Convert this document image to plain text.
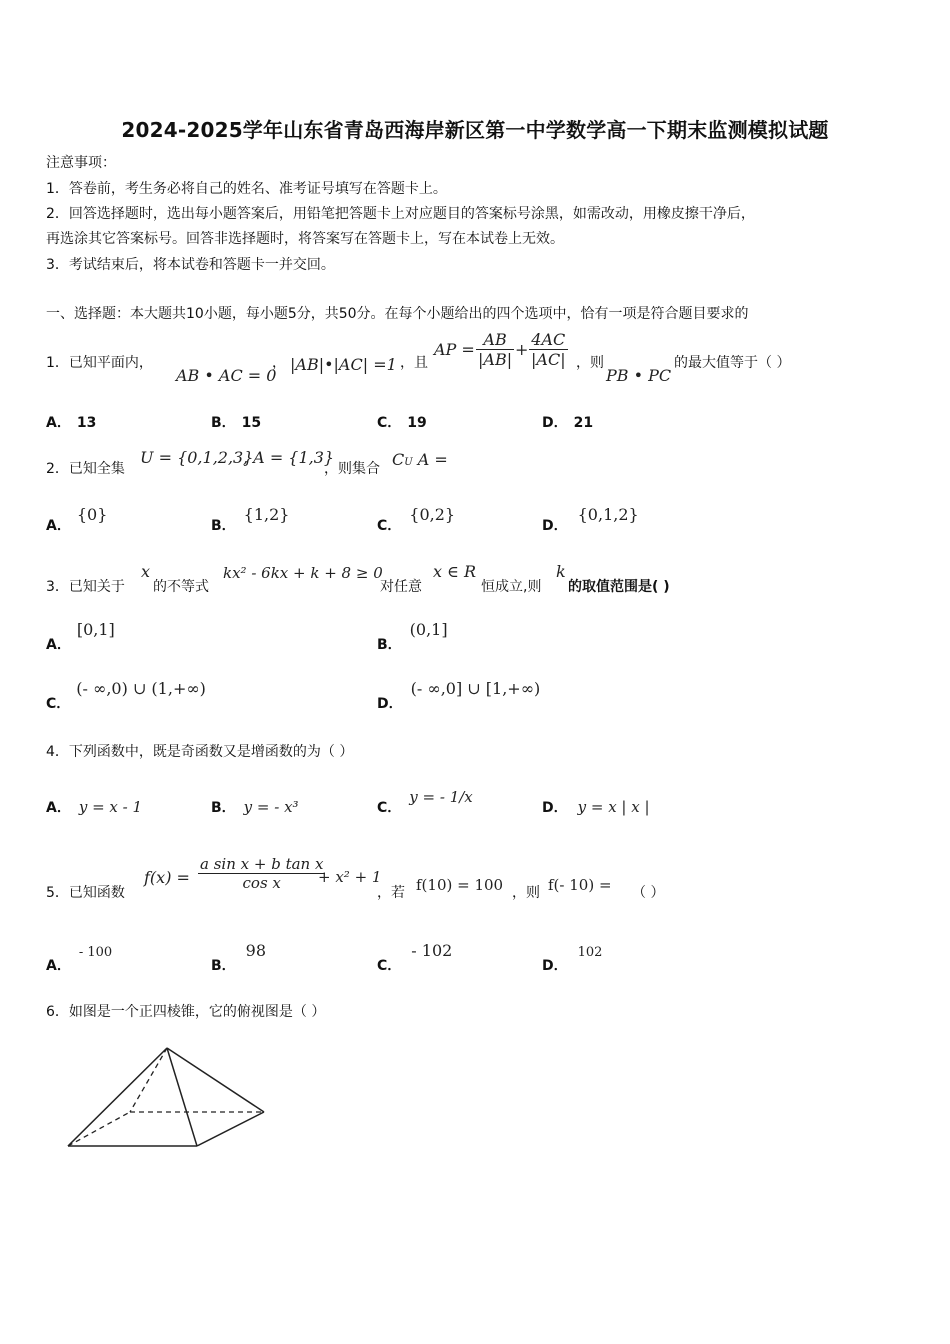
2024-2025学年山东省青岛西海岸新区第一中学数学高一下期末监测模拟试题
注意事项：
1．答卷前，考生务必将自己的姓名、准考证号填写在答题卡上。
2．回答选择题时，选出每小题答案后，用铅笔把答题卡上对应题目的答案标号涂黑，如需改动，用橡皮擦干净后，
再选涂其它答案标号。回答非选择题时，将答案写在答题卡上，写在本试卷上无效。
3．考试结束后，将本试卷和答题卡一并交回。
一、选择题：本大题共10小题，每小题5分，共50分。在每个小题给出的四个选项中，恰有一项是符合题目要求的
1．已知平面内，
AB • AC = 0
， |AB|•|AC| =1 ，且
AP = $\frac{AB}{|AB|} + \frac{4AC}{|AC|}$ ，则
PB • PC
的最大值等于（ ）
A． 13	B． 15	C． 19	D． 21
2．已知全集
U = {0,1,2,3}
, A = {1,3}
，则集合 CU A =
A．{0}
B．{1,2}
C．{0,2}
D．{0,1,2}
3．已知关于
x
的不等式
kx² - 6kx + k + 8 ≥ 0
对任意
x ∈ R
恒成立,则
k
的取值范围是( )
A．[0,1]
B．(0,1]
C．(- ∞,0) ∪ (1,+∞)
D．(- ∞,0] ∪ [1,+∞)
4．下列函数中，既是奇函数又是增函数的为（ ）
A． y = x - 1	B． y = - x³	C．y = - 1/x
D． y = x | x |
5．已知函数
$f(x) = \frac{\text{a sin x + b tan x}}{\text{cos x}}$
+ x² + 1
，若 f(10) = 100 ，则 f(- 10) = （ ）
A．- 100
B．98
C．- 102
D．102
6．如图是一个正四棱锥，它的俯视图是（ ）
